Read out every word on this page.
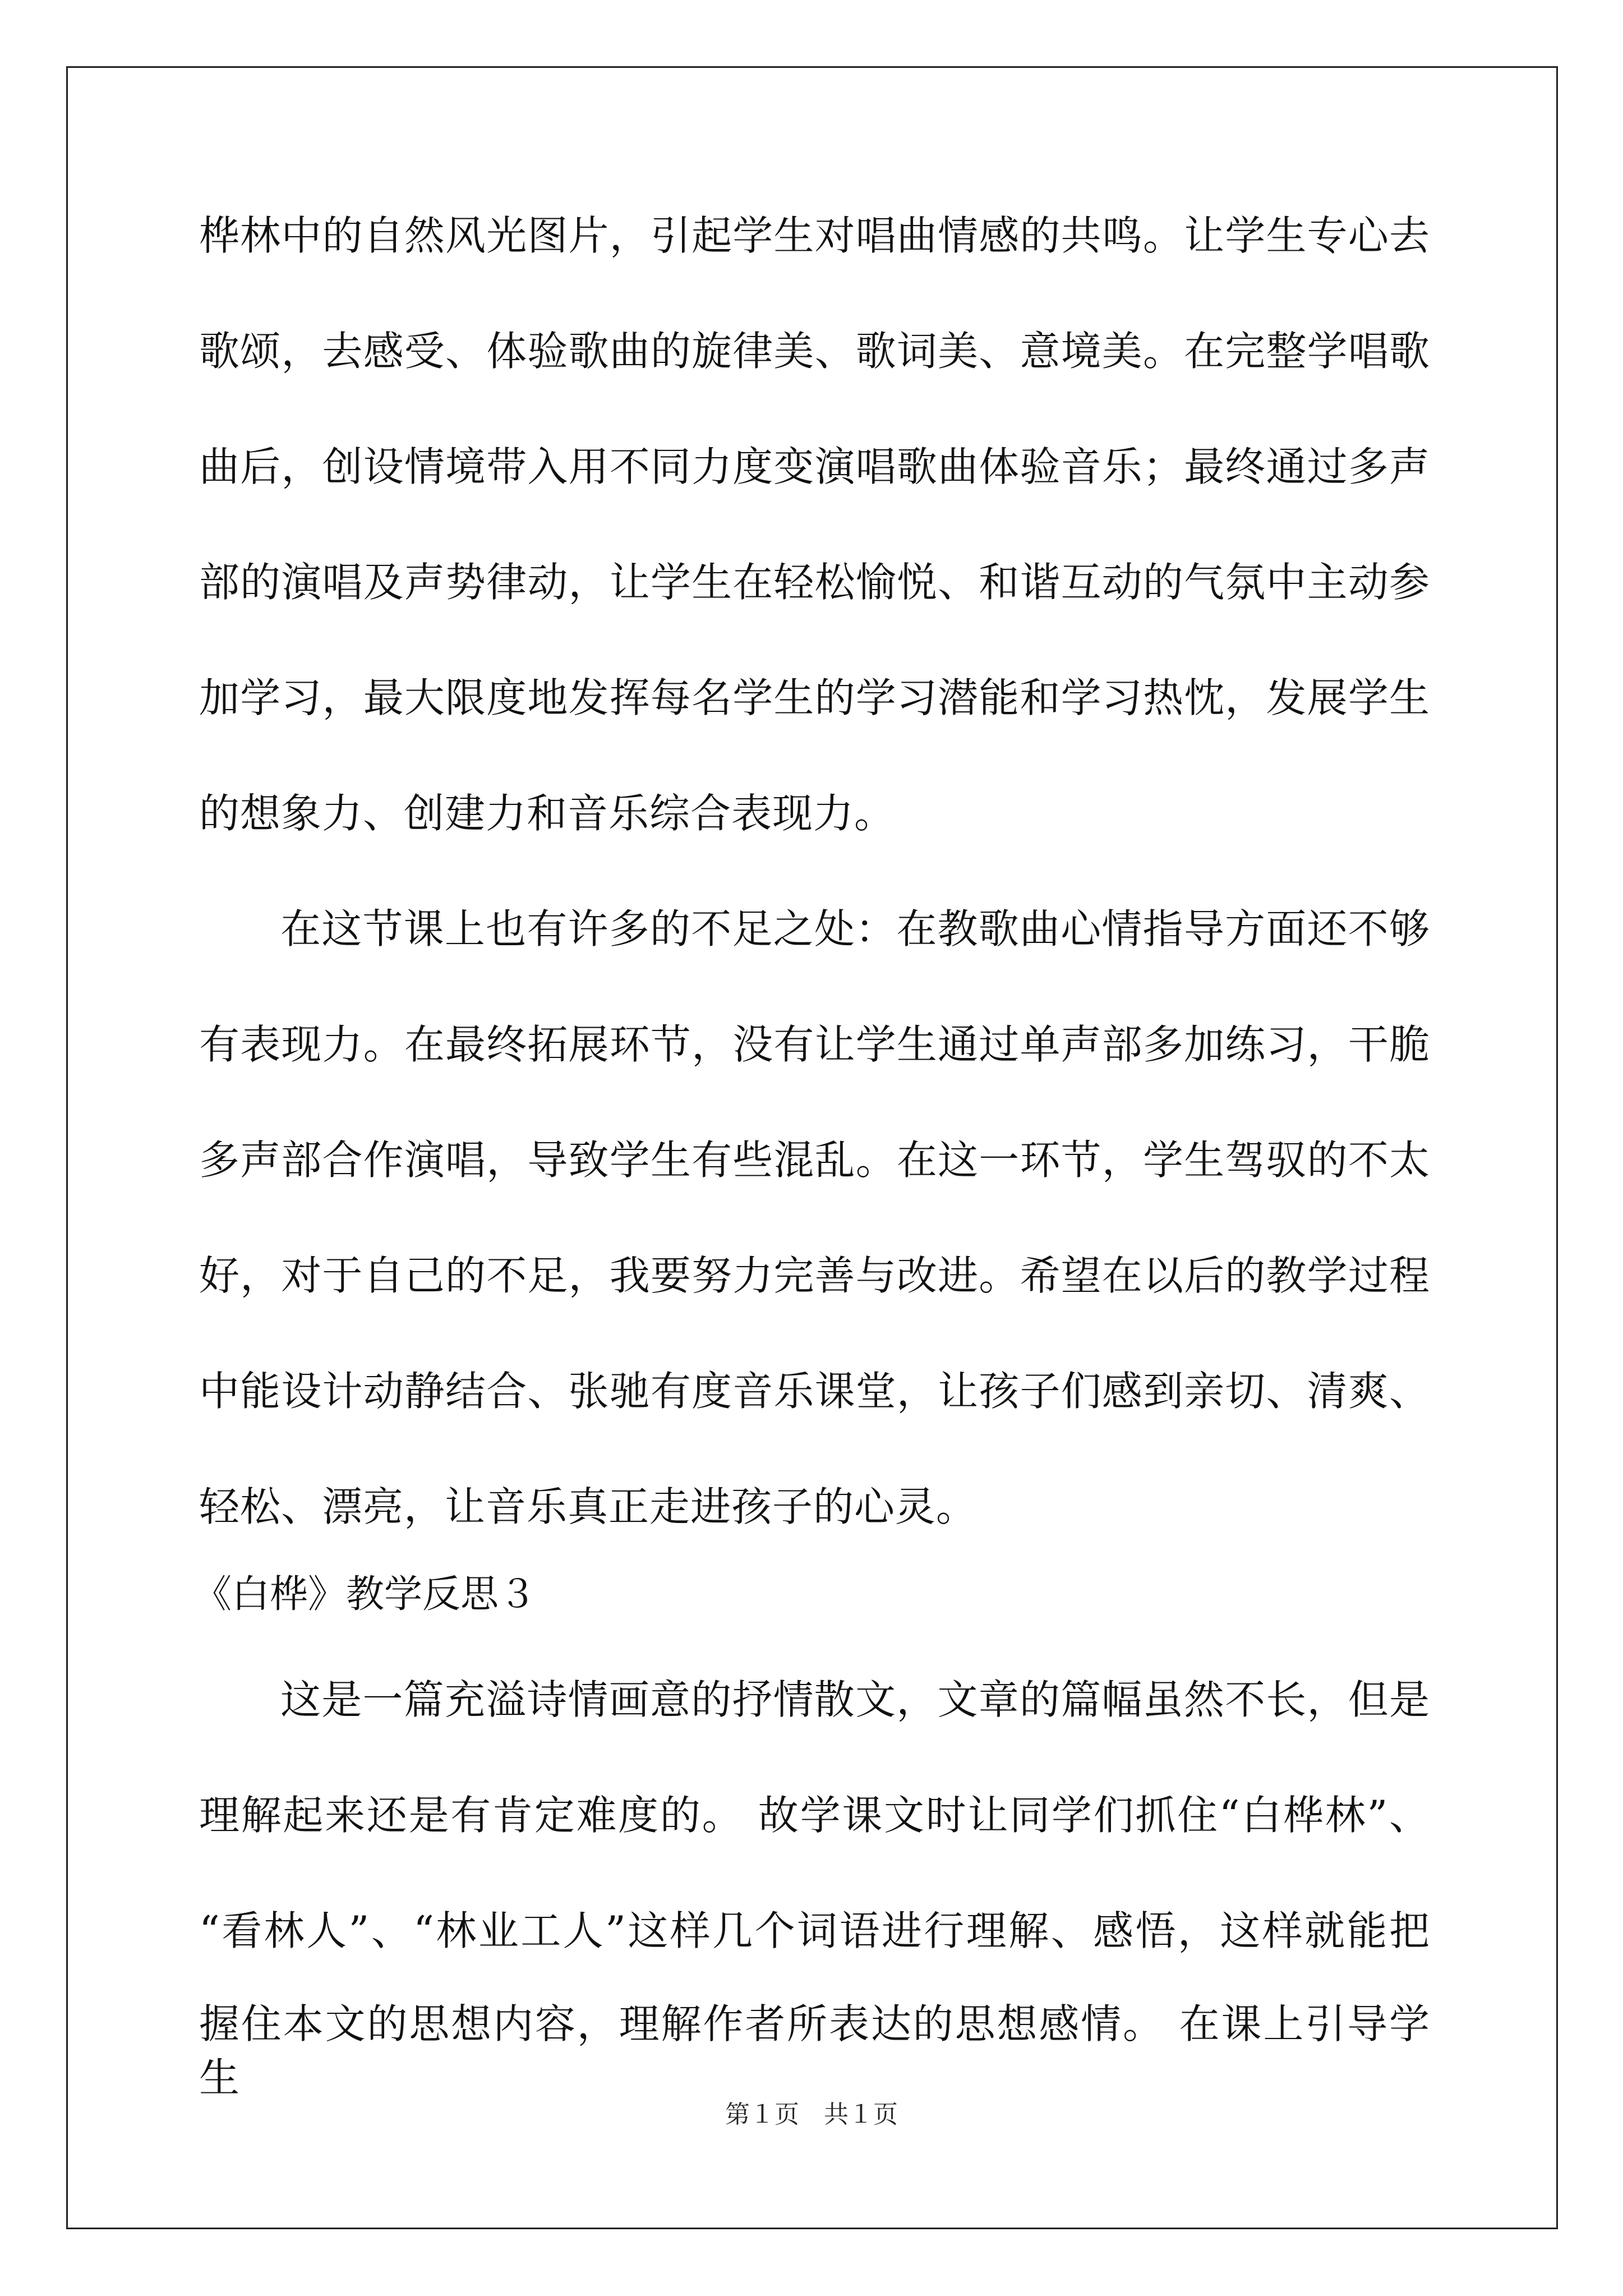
桦林中的自然风光图片，引起学生对唱曲情感的共鸣。让学生专心去
歌颂，去感受、体验歌曲的旋律美、歌词美、意境美。在完整学唱歌
曲后，创设情境带入用不同力度变演唱歌曲体验音乐；最终通过多声
部的演唱及声势律动，让学生在轻松愉悦、和谐互动的气氛中主动参
加学习，最大限度地发挥每名学生的学习潜能和学习热忱，发展学生
的想象力、创建力和音乐综合表现力。
在这节课上也有许多的不足之处：在教歌曲心情指导方面还不够
有表现力。在最终拓展环节，没有让学生通过单声部多加练习，干脆
多声部合作演唱，导致学生有些混乱。在这一环节，学生驾驭的不太
好，对于自己的不足，我要努力完善与改进。希望在以后的教学过程
中能设计动静结合、张驰有度音乐课堂，让孩子们感到亲切、清爽、
轻松、漂亮，让音乐真正走进孩子的心灵。
《白桦》教学反思３
这是一篇充溢诗情画意的抒情散文，文章的篇幅虽然不长，但是
理解起来还是有肯定难度的。 故学课文时让同学们抓住“白桦林”、
“看林人”、“林业工人”这样几个词语进行理解、感悟，这样就能把
握住本文的思想内容，理解作者所表达的思想感情。 在课上引导学生
第１页　共１页
